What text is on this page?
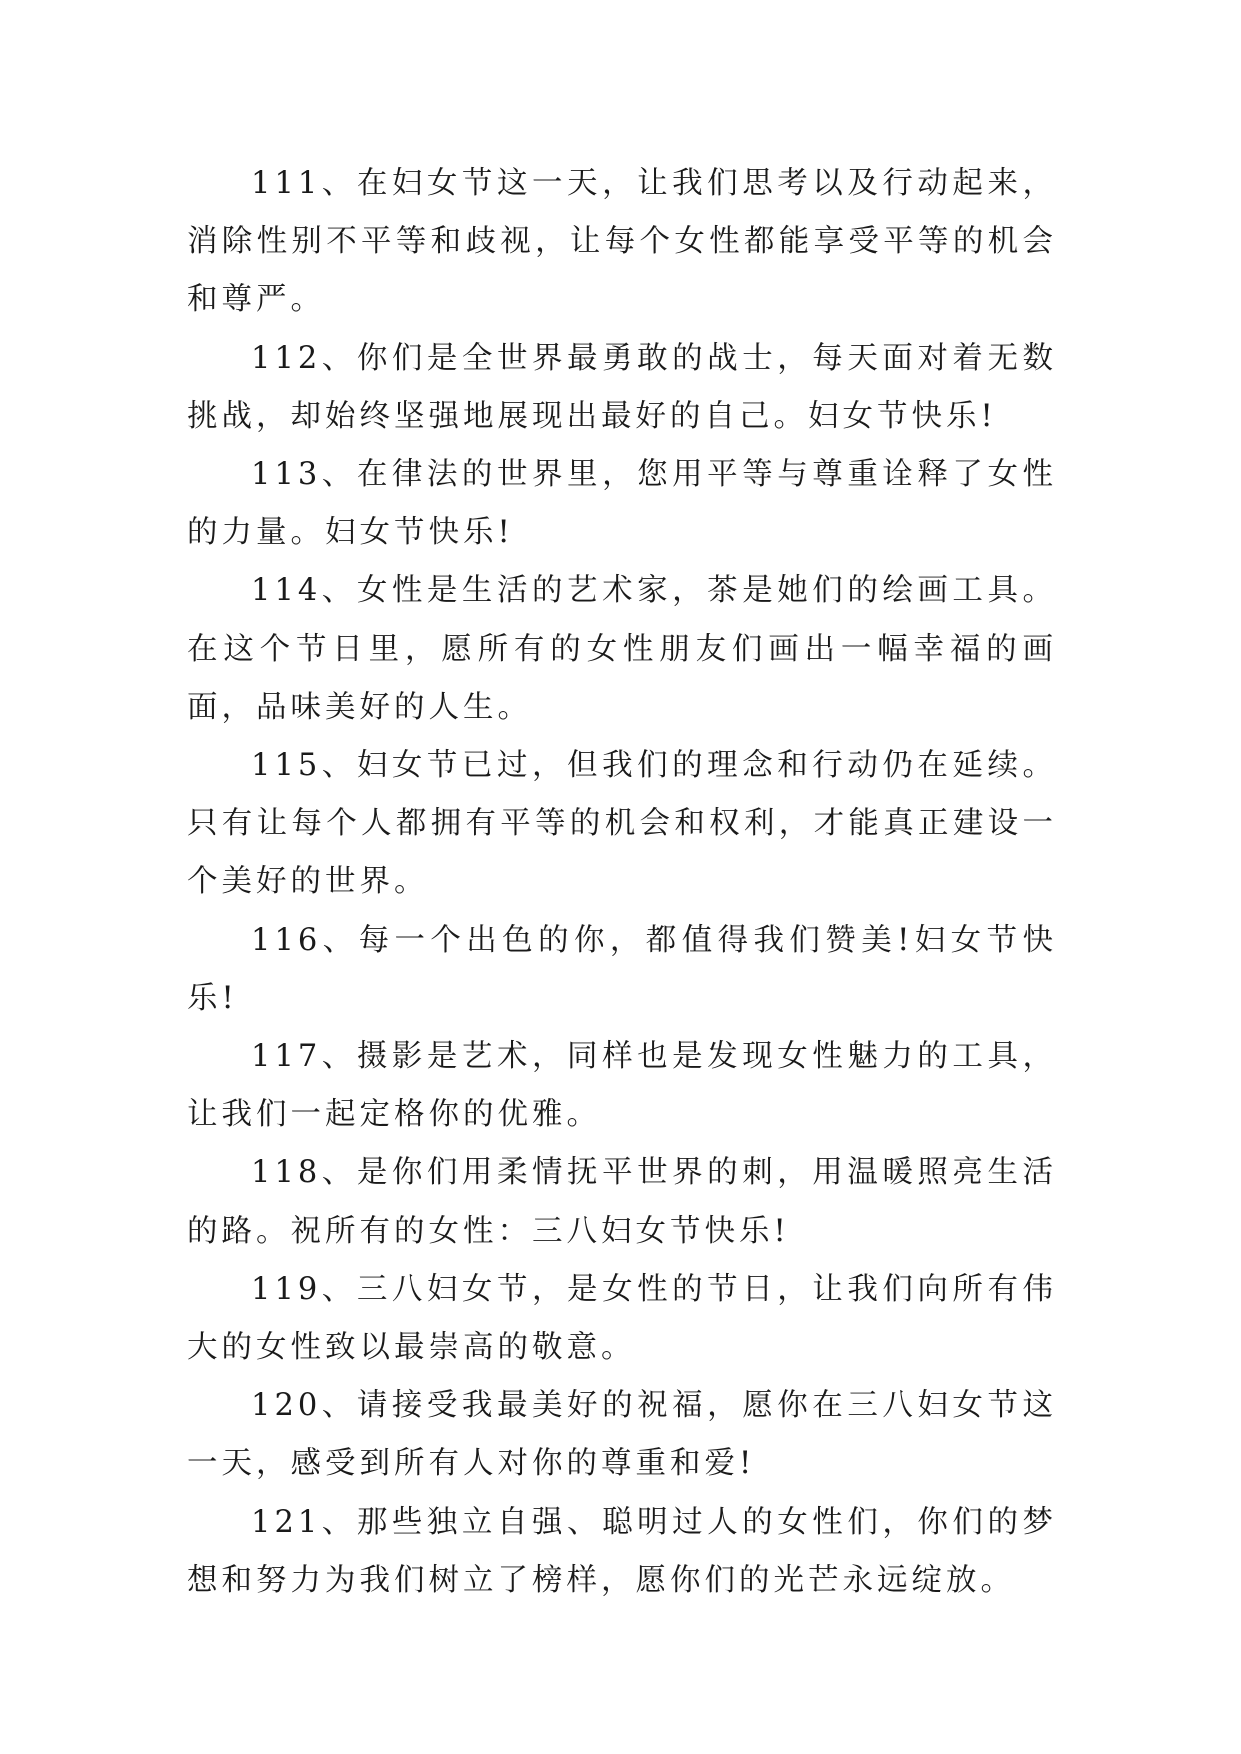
111、在妇女节这一天，让我们思考以及行动起来，消除性别不平等和歧视，让每个女性都能享受平等的机会和尊严。

112、你们是全世界最勇敢的战士，每天面对着无数挑战，却始终坚强地展现出最好的自己。妇女节快乐!

113、在律法的世界里，您用平等与尊重诠释了女性的力量。妇女节快乐!

114、女性是生活的艺术家，茶是她们的绘画工具。在这个节日里，愿所有的女性朋友们画出一幅幸福的画面，品味美好的人生。

115、妇女节已过，但我们的理念和行动仍在延续。只有让每个人都拥有平等的机会和权利，才能真正建设一个美好的世界。

116、每一个出色的你，都值得我们赞美!妇女节快乐!

117、摄影是艺术，同样也是发现女性魅力的工具，让我们一起定格你的优雅。

118、是你们用柔情抚平世界的刺，用温暖照亮生活的路。祝所有的女性：三八妇女节快乐!

119、三八妇女节，是女性的节日，让我们向所有伟大的女性致以最崇高的敬意。

120、请接受我最美好的祝福，愿你在三八妇女节这一天，感受到所有人对你的尊重和爱!

121、那些独立自强、聪明过人的女性们，你们的梦想和努力为我们树立了榜样，愿你们的光芒永远绽放。
